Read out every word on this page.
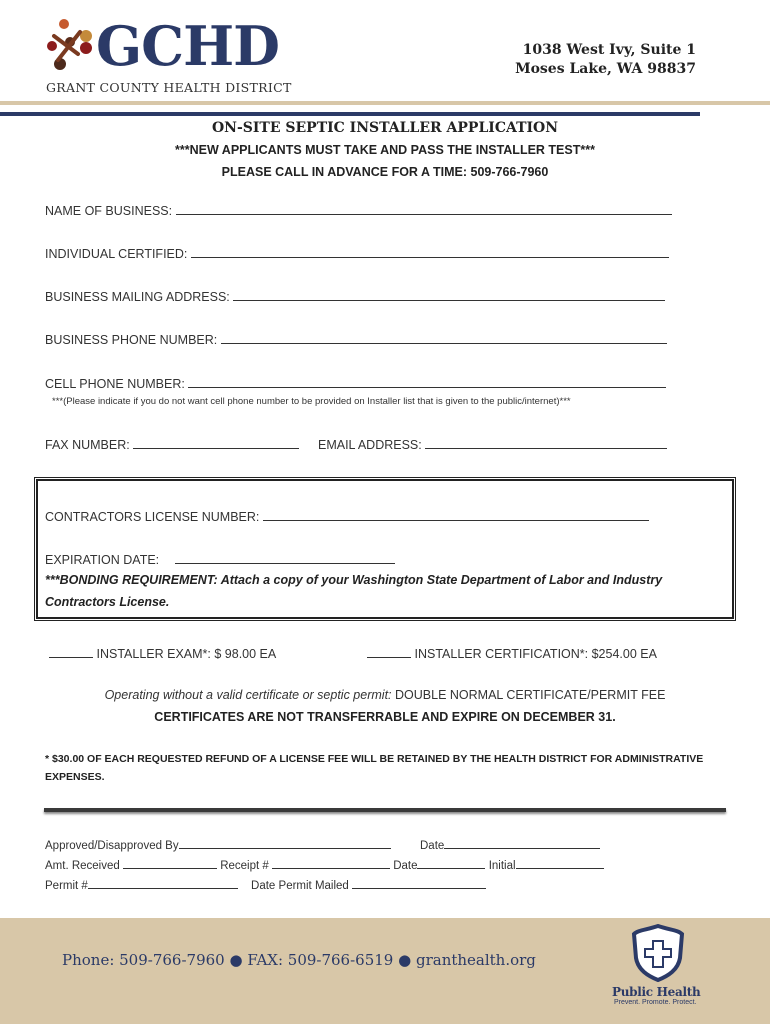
GCHD
GRANT COUNTY HEALTH DISTRICT
1038 West Ivy, Suite 1
Moses Lake, WA 98837
ON-SITE SEPTIC INSTALLER APPLICATION
***NEW APPLICANTS MUST TAKE AND PASS THE INSTALLER TEST***
PLEASE CALL IN ADVANCE FOR A TIME: 509-766-7960
NAME OF BUSINESS:
INDIVIDUAL CERTIFIED:
BUSINESS MAILING ADDRESS:
BUSINESS PHONE NUMBER:
CELL PHONE NUMBER:
***(Please indicate if you do not want cell phone number to be provided on Installer list that is given to the public/internet)***
FAX NUMBER:	EMAIL ADDRESS:
CONTRACTORS LICENSE NUMBER:
EXPIRATION DATE:
***BONDING REQUIREMENT: Attach a copy of your Washington State Department of Labor and Industry
Contractors License.
INSTALLER EXAM*: $ 98.00 EA	INSTALLER CERTIFICATION*: $254.00 EA
Operating without a valid certificate or septic permit: DOUBLE NORMAL CERTIFICATE/PERMIT FEE
CERTIFICATES ARE NOT TRANSFERRABLE AND EXPIRE ON DECEMBER 31.
* $30.00 OF EACH REQUESTED REFUND OF A LICENSE FEE WILL BE RETAINED BY THE HEALTH DISTRICT FOR ADMINISTRATIVE
EXPENSES.
Approved/Disapproved By	Date
Amt. Received	Receipt #	Date	Initial
Permit #	Date Permit Mailed
Phone: 509-766-7960 ● FAX: 509-766-6519 ● granthealth.org
Public Health
Prevent. Promote. Protect.
